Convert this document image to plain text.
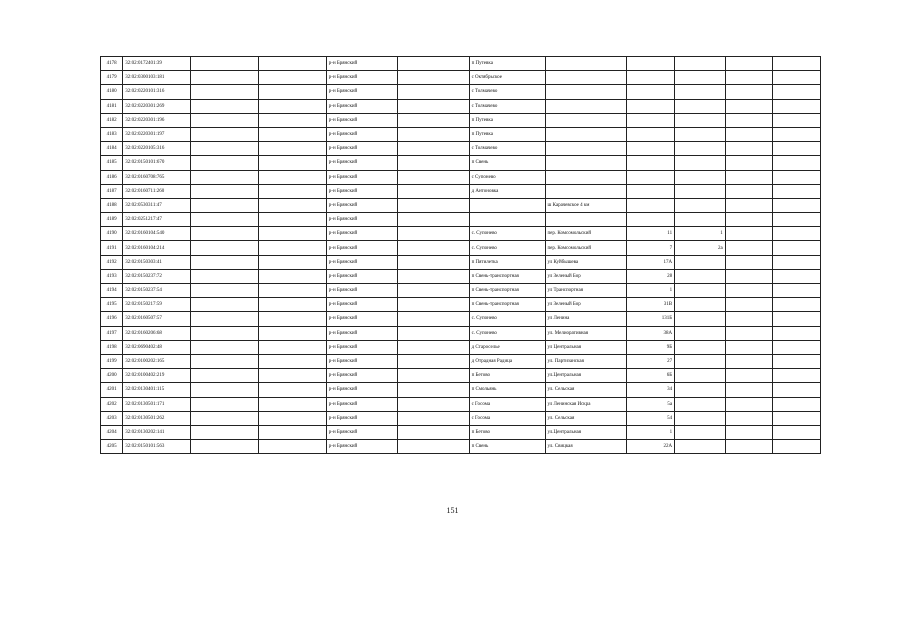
4178	32:02:0172401:39			р-н Брянский		п Путевка					
4179	32:02:0300103:181			р-н Брянский		с Октябрьское					
4180	32:02:0220101:316			р-н Брянский		с Толмачево					
4181	32:02:0220301:269			р-н Брянский		с Толмачево					
4182	32:02:0220301:196			р-н Брянский		п Путевка					
4183	32:02:0220301:197			р-н Брянский		п Путевка					
4184	32:02:0220105:316			р-н Брянский		с Толмачево					
4185	32:02:0150101:670			р-н Брянский		п Свень					
4186	32:02:0160708:765			р-н Брянский		с Супонево					
4187	32:02:0160711:260			р-н Брянский		д Антоновка					
4188	32:02:0530311:47			р-н Брянский			ш Карачевское 4 км				
4189	32:02:0251217:47			р-н Брянский							
4190	32:02:0160104:540			р-н Брянский		с. Супонево	пер. Комсомольский	11	1		
4191	32:02:0160104:214			р-н Брянский		с. Супонево	пер. Комсомольский	7	2а		
4192	32:02:0150303:41			р-н Брянский		п Пятилетка	ул Куйбышева	17А			
4193	32:02:0150237:72			р-н Брянский		п Свень-транспортная	ул Зеленый Бор	28			
4194	32:02:0150237:54			р-н Брянский		п Свень-транспортная	ул Транспортная	1			
4195	32:02:0150217:59			р-н Брянский		п Свень-транспортная	ул Зеленый Бор	31В			
4196	32:02:0160507:57			р-н Брянский		с. Супонево	ул Ленина	131Б			
4197	32:02:0160206:68			р-н Брянский		с. Супонево	ул. Мелиоративная	38А			
4198	32:02:0690402:48			р-н Брянский		д Староселье	ул Центральная	9Б			
4199	32:02:0100202:165			р-н Брянский		д Отрадная Радица	ул. Партизанская	27			
4200	32:02:0100402:219			р-н Брянский		п Бетово	ул.Центральная	6Б			
4201	32:02:0130401:115			р-н Брянский		п Смольянь	ул. Сельская	34			
4202	32:02:0130501:171			р-н Брянский		с Госома	ул Ленинская Искра	5а			
4203	32:02:0130501:262			р-н Брянский		с Госома	ул. Сельская	54			
4204	32:02:0130202:141			р-н Брянский		п Бетово	ул.Центральная	1			
4205	32:02:0150101:563			р-н Брянский		п Свень	ул. Свицкая	22А			
151
